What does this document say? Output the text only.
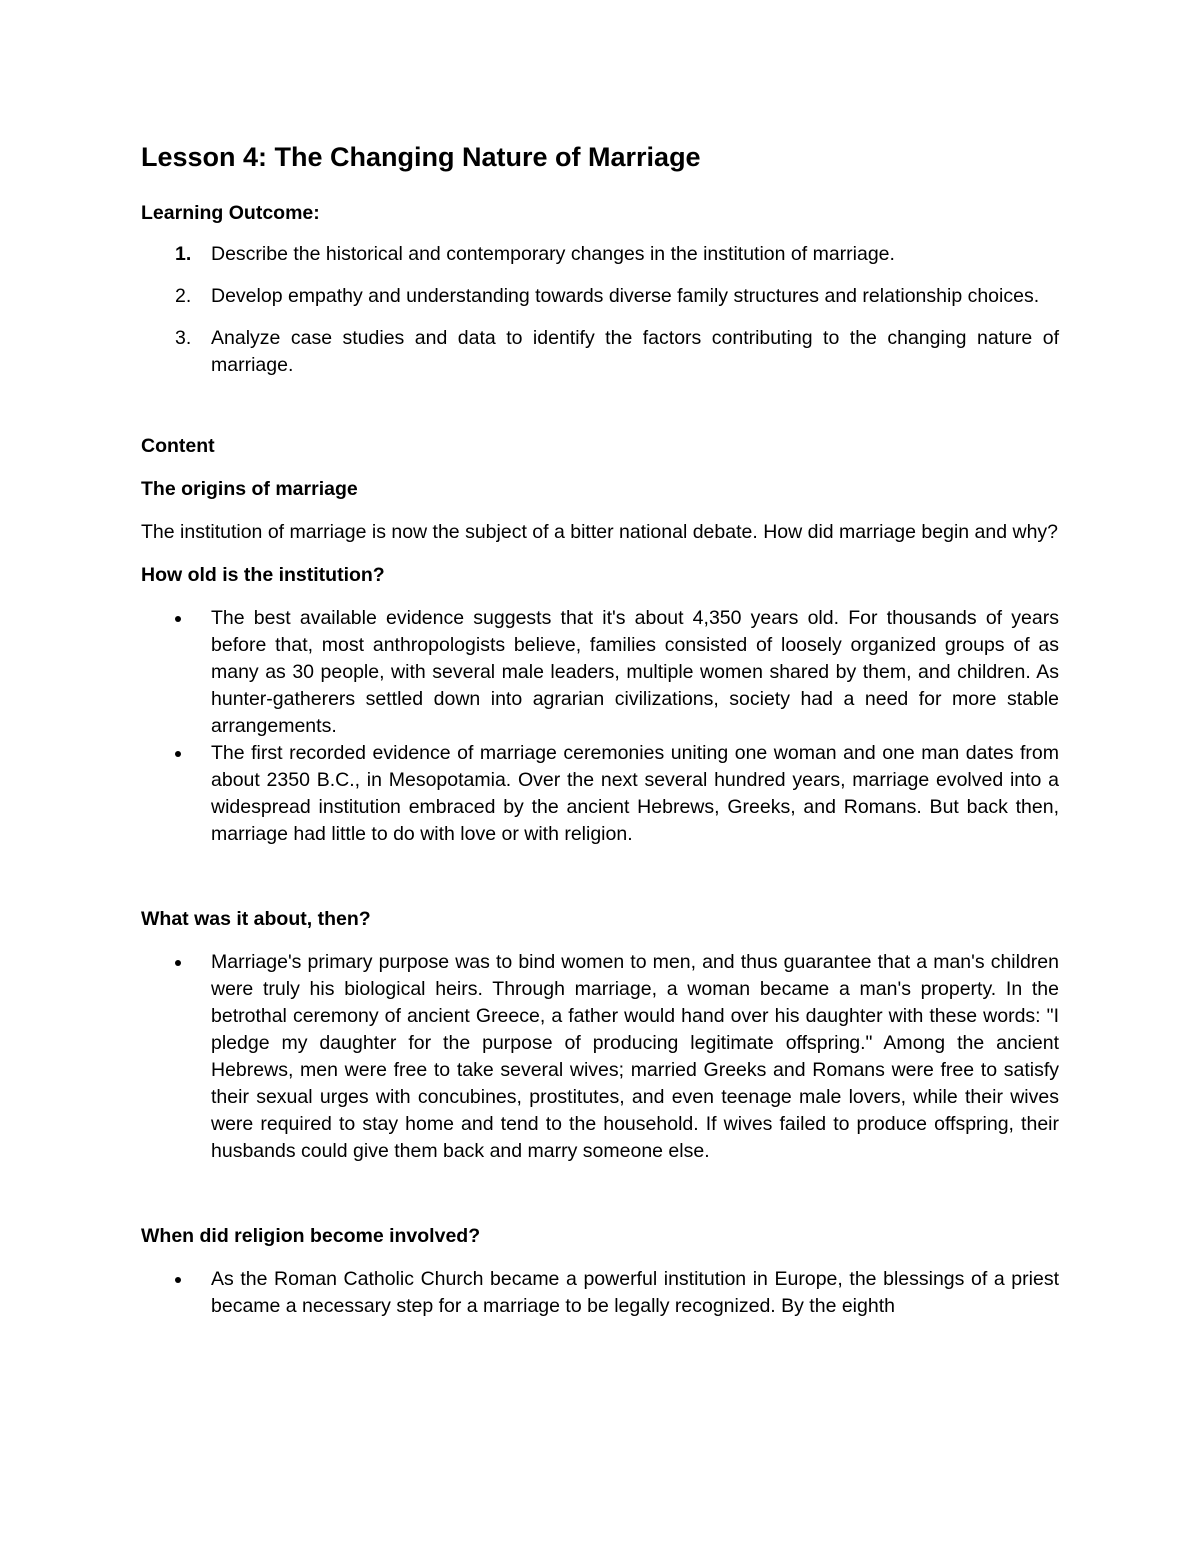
Lesson 4: The Changing Nature of Marriage
Learning Outcome:
1. Describe the historical and contemporary changes in the institution of marriage.
2. Develop empathy and understanding towards diverse family structures and relationship choices.
3. Analyze case studies and data to identify the factors contributing to the changing nature of marriage.
Content
The origins of marriage

The institution of marriage is now the subject of a bitter national debate. How did marriage begin and why?

How old is the institution?
The best available evidence suggests that it's about 4,350 years old. For thousands of years before that, most anthropologists believe, families consisted of loosely organized groups of as many as 30 people, with several male leaders, multiple women shared by them, and children. As hunter-gatherers settled down into agrarian civilizations, society had a need for more stable arrangements.
The first recorded evidence of marriage ceremonies uniting one woman and one man dates from about 2350 B.C., in Mesopotamia. Over the next several hundred years, marriage evolved into a widespread institution embraced by the ancient Hebrews, Greeks, and Romans. But back then, marriage had little to do with love or with religion.
What was it about, then?
Marriage's primary purpose was to bind women to men, and thus guarantee that a man's children were truly his biological heirs. Through marriage, a woman became a man's property. In the betrothal ceremony of ancient Greece, a father would hand over his daughter with these words: "I pledge my daughter for the purpose of producing legitimate offspring." Among the ancient Hebrews, men were free to take several wives; married Greeks and Romans were free to satisfy their sexual urges with concubines, prostitutes, and even teenage male lovers, while their wives were required to stay home and tend to the household. If wives failed to produce offspring, their husbands could give them back and marry someone else.
When did religion become involved?
As the Roman Catholic Church became a powerful institution in Europe, the blessings of a priest became a necessary step for a marriage to be legally recognized. By the eighth
